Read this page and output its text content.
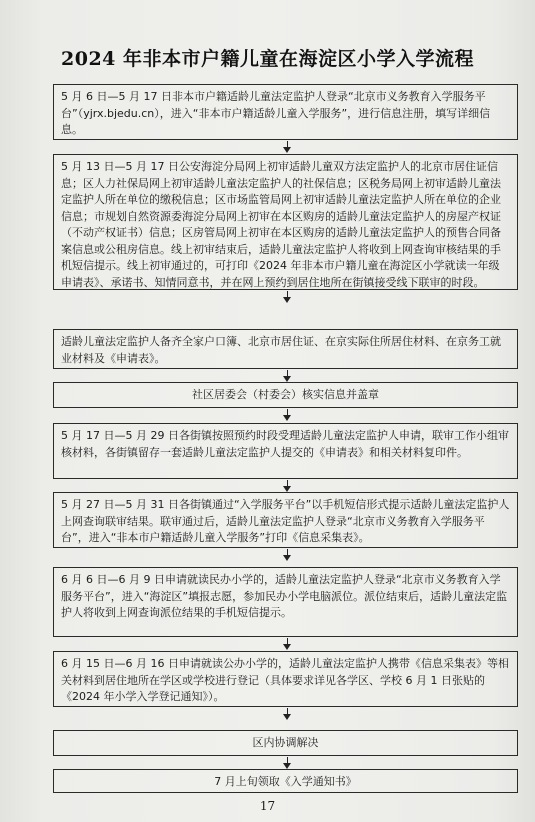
2024 年非本市户籍儿童在海淀区小学入学流程
5 月 6 日—5 月 17 日非本市户籍适龄儿童法定监护人登录“北京市义务教育入学服务平台”（yjrx.bjedu.cn），进入“非本市户籍适龄儿童入学服务”，进行信息注册，填写详细信息。
5 月 13 日—5 月 17 日公安海淀分局网上初审适龄儿童双方法定监护人的北京市居住证信息；区人力社保局网上初审适龄儿童法定监护人的社保信息；区税务局网上初审适龄儿童法定监护人所在单位的缴税信息；区市场监管局网上初审适龄儿童法定监护人所在单位的企业信息；市规划自然资源委海淀分局网上初审在本区购房的适龄儿童法定监护人的房屋产权证（不动产权证书）信息；区房管局网上初审在本区购房的适龄儿童法定监护人的预售合同备案信息或公租房信息。线上初审结束后，适龄儿童法定监护人将收到上网查询审核结果的手机短信提示。线上初审通过的，可打印《2024 年非本市户籍儿童在海淀区小学就读一年级申请表》、承诺书、知情同意书，并在网上预约到居住地所在街镇接受线下联审的时段。
适龄儿童法定监护人备齐全家户口簿、北京市居住证、在京实际住所居住材料、在京务工就业材料及《申请表》。
社区居委会（村委会）核实信息并盖章
5 月 17 日—5 月 29 日各街镇按照预约时段受理适龄儿童法定监护人申请，联审工作小组审核材料，各街镇留存一套适龄儿童法定监护人提交的《申请表》和相关材料复印件。
5 月 27 日—5 月 31 日各街镇通过“入学服务平台”以手机短信形式提示适龄儿童法定监护人上网查询联审结果。联审通过后，适龄儿童法定监护人登录“北京市义务教育入学服务平台”，进入“非本市户籍适龄儿童入学服务”打印《信息采集表》。
6 月 6 日—6 月 9 日申请就读民办小学的，适龄儿童法定监护人登录“北京市义务教育入学服务平台”，进入“海淀区”填报志愿，参加民办小学电脑派位。派位结束后，适龄儿童法定监护人将收到上网查询派位结果的手机短信提示。
6 月 15 日—6 月 16 日申请就读公办小学的，适龄儿童法定监护人携带《信息采集表》等相关材料到居住地所在学区或学校进行登记（具体要求详见各学区、学校 6 月 1 日张贴的《2024 年小学入学登记通知》）。
区内协调解决
7 月上旬领取《入学通知书》
17
